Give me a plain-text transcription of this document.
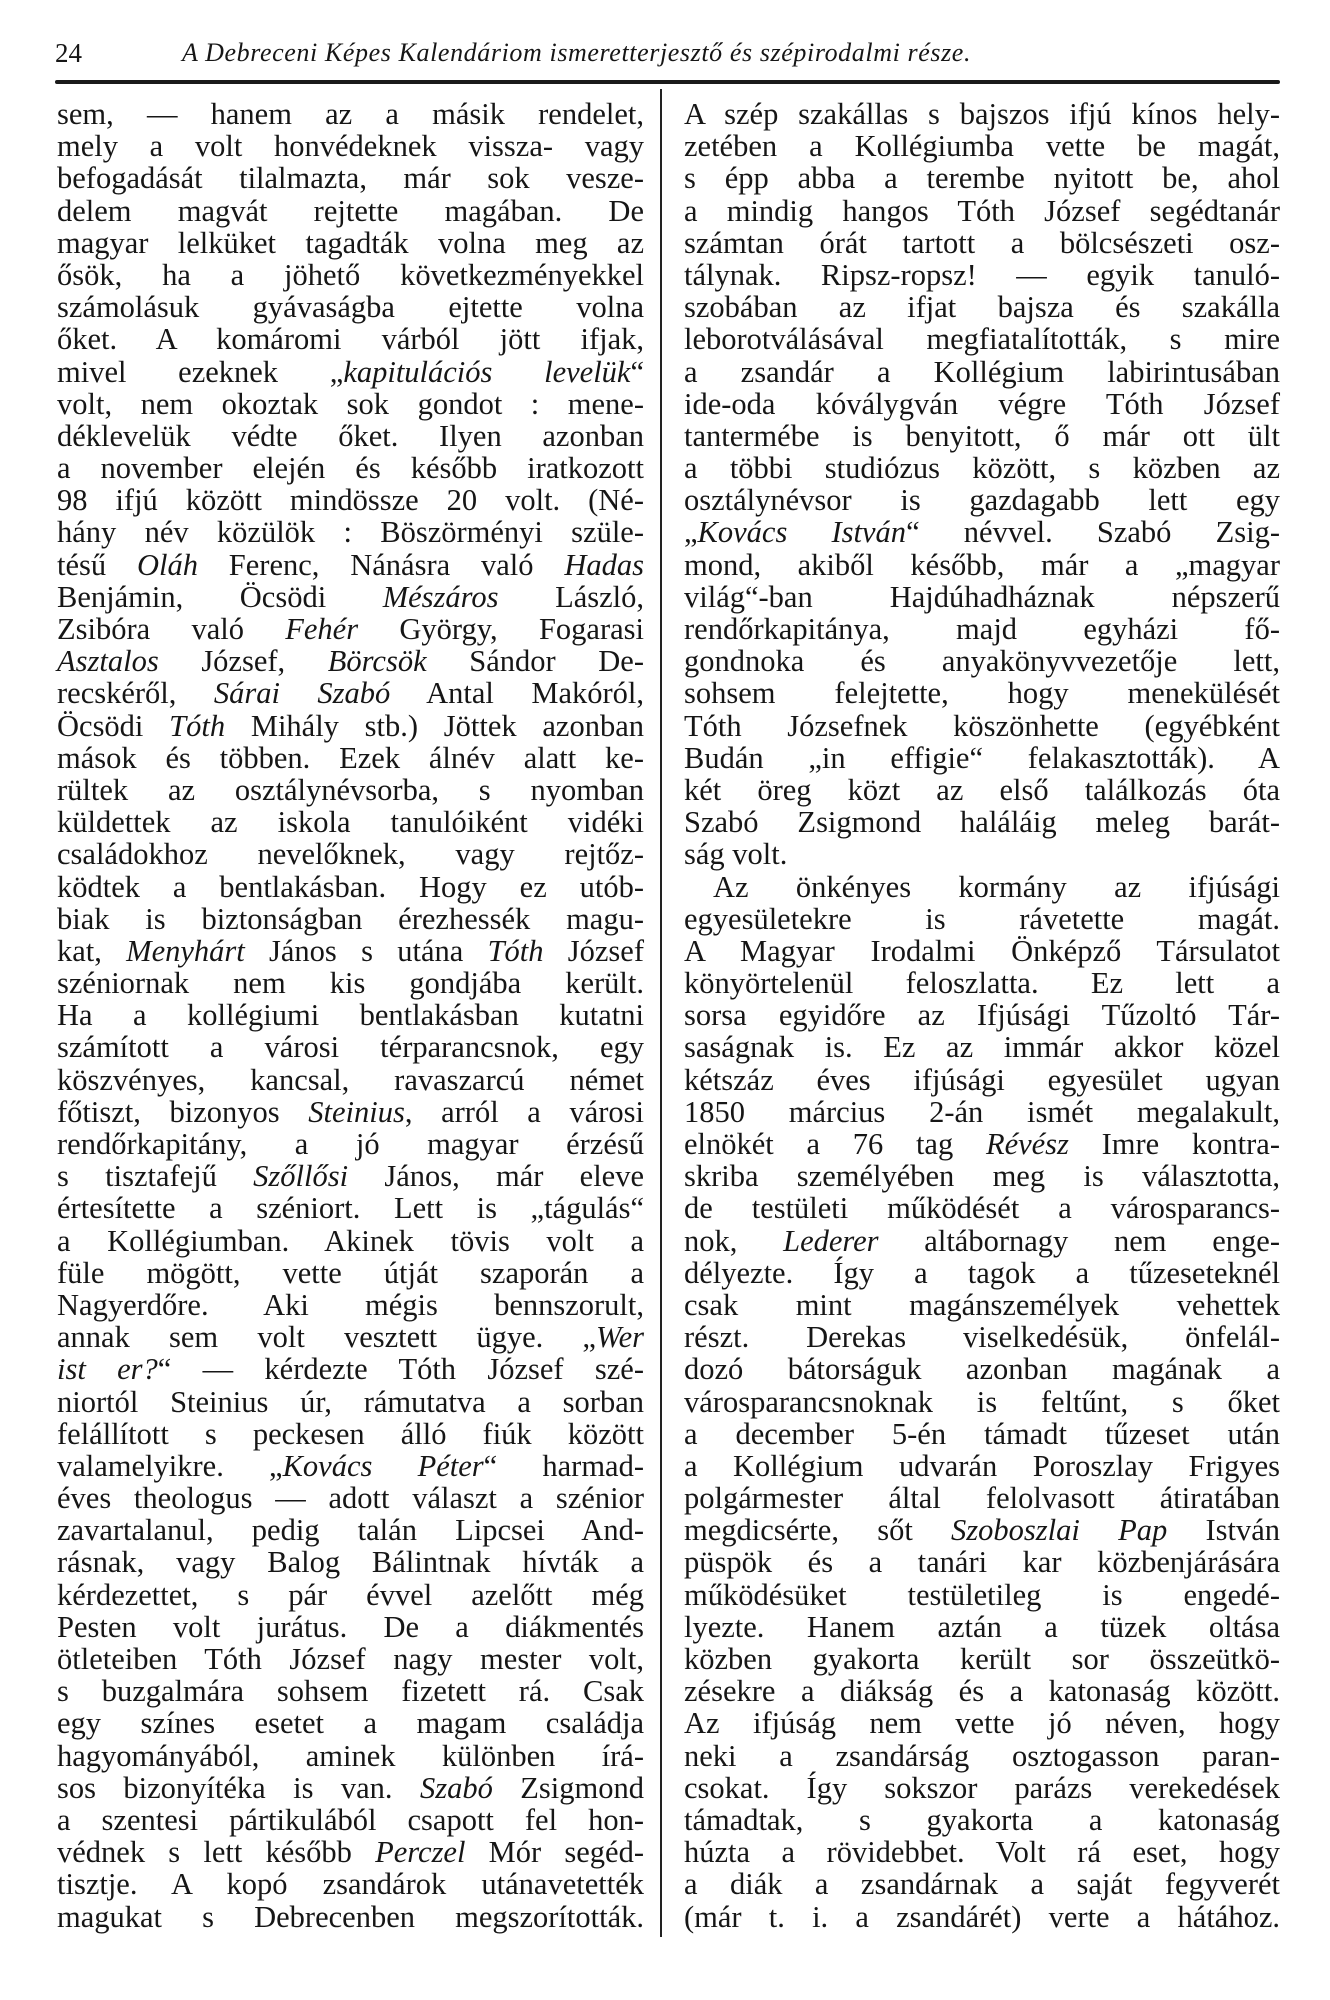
24	A Debreceni Képes Kalendáriom ismeretterjesztő és szépirodalmi része.
sem, — hanem az a másik rendelet,
mely a volt honvédeknek vissza- vagy
befogadását tilalmazta, már sok vesze-
delem magvát rejtette magában. De
magyar lelküket tagadták volna meg az
ősök, ha a jöhető következményekkel
számolásuk gyávaságba ejtette volna
őket. A komáromi várból jött ifjak,
mivel ezeknek „kapitulációs levelük“
volt, nem okoztak sok gondot : mene-
déklevelük védte őket. Ilyen azonban
a november elején és később iratkozott
98 ifjú között mindössze 20 volt. (Né-
hány név közülök : Böszörményi szüle-
tésű Oláh Ferenc, Nánásra való Hadas
Benjámin, Öcsödi Mészáros László,
Zsibóra való Fehér György, Fogarasi
Asztalos József, Börcsök Sándor De-
recskéről, Sárai Szabó Antal Makóról,
Öcsödi Tóth Mihály stb.) Jöttek azonban
mások és többen. Ezek álnév alatt ke-
rültek az osztálynévsorba, s nyomban
küldettek az iskola tanulóiként vidéki
családokhoz nevelőknek, vagy rejtőz-
ködtek a bentlakásban. Hogy ez utób-
biak is biztonságban érezhessék magu-
kat, Menyhárt János s utána Tóth József
széniornak nem kis gondjába került.
Ha a kollégiumi bentlakásban kutatni
számított a városi térparancsnok, egy
köszvényes, kancsal, ravaszarcú német
főtiszt, bizonyos Steinius, arról a városi
rendőrkapitány, a jó magyar érzésű
s tisztafejű Szőllősi János, már eleve
értesítette a széniort. Lett is „tágulás“
a Kollégiumban. Akinek tövis volt a
füle mögött, vette útját szaporán a
Nagyerdőre. Aki mégis bennszorult,
annak sem volt vesztett ügye. „Wer
ist er?“ — kérdezte Tóth József szé-
niortól Steinius úr, rámutatva a sorban
felállított s peckesen álló fiúk között
valamelyikre. „Kovács Péter“ harmad-
éves theologus — adott választ a szénior
zavartalanul, pedig talán Lipcsei And-
rásnak, vagy Balog Bálintnak hívták a
kérdezettet, s pár évvel azelőtt még
Pesten volt jurátus. De a diákmentés
ötleteiben Tóth József nagy mester volt,
s buzgalmára sohsem fizetett rá. Csak
egy színes esetet a magam családja
hagyományából, aminek különben írá-
sos bizonyítéka is van. Szabó Zsigmond
a szentesi pártikulából csapott fel hon-
védnek s lett később Perczel Mór segéd-
tisztje. A kopó zsandárok utánavetették
magukat s Debrecenben megszorították.
A szép szakállas s bajszos ifjú kínos hely-
zetében a Kollégiumba vette be magát,
s épp abba a terembe nyitott be, ahol
a mindig hangos Tóth József segédtanár
számtan órát tartott a bölcsészeti osz-
tálynak. Ripsz-ropsz! — egyik tanuló-
szobában az ifjat bajsza és szakálla
leborotválásával megfiatalították, s mire
a zsandár a Kollégium labirintusában
ide-oda kóválygván végre Tóth József
tantermébe is benyitott, ő már ott ült
a többi studiózus között, s közben az
osztálynévsor is gazdagabb lett egy
„Kovács István“ névvel. Szabó Zsig-
mond, akiből később, már a „magyar
világ“-ban Hajdúhadháznak népszerű
rendőrkapitánya, majd egyházi fő-
gondnoka és anyakönyvvezetője lett,
sohsem felejtette, hogy menekülését
Tóth Józsefnek köszönhette (egyébként
Budán „in effigie“ felakasztották). A
két öreg közt az első találkozás óta
Szabó Zsigmond haláláig meleg barát-
ság volt.
Az önkényes kormány az ifjúsági
egyesületekre is rávetette magát.
A Magyar Irodalmi Önképző Társulatot
könyörtelenül feloszlatta. Ez lett a
sorsa egyidőre az Ifjúsági Tűzoltó Tár-
saságnak is. Ez az immár akkor közel
kétszáz éves ifjúsági egyesület ugyan
1850 március 2-án ismét megalakult,
elnökét a 76 tag Révész Imre kontra-
skriba személyében meg is választotta,
de testületi működését a városparancs-
nok, Lederer altábornagy nem enge-
délyezte. Így a tagok a tűzeseteknél
csak mint magánszemélyek vehettek
részt. Derekas viselkedésük, önfelál-
dozó bátorságuk azonban magának a
városparancsnoknak is feltűnt, s őket
a december 5-én támadt tűzeset után
a Kollégium udvarán Poroszlay Frigyes
polgármester által felolvasott átiratában
megdicsérte, sőt Szoboszlai Pap István
püspök és a tanári kar közbenjárására
működésüket testületileg is engedé-
lyezte. Hanem aztán a tüzek oltása
közben gyakorta került sor összeütkö-
zésekre a diákság és a katonaság között.
Az ifjúság nem vette jó néven, hogy
neki a zsandárság osztogasson paran-
csokat. Így sokszor parázs verekedések
támadtak, s gyakorta a katonaság
húzta a rövidebbet. Volt rá eset, hogy
a diák a zsandárnak a saját fegyverét
(már t. i. a zsandárét) verte a hátához.
